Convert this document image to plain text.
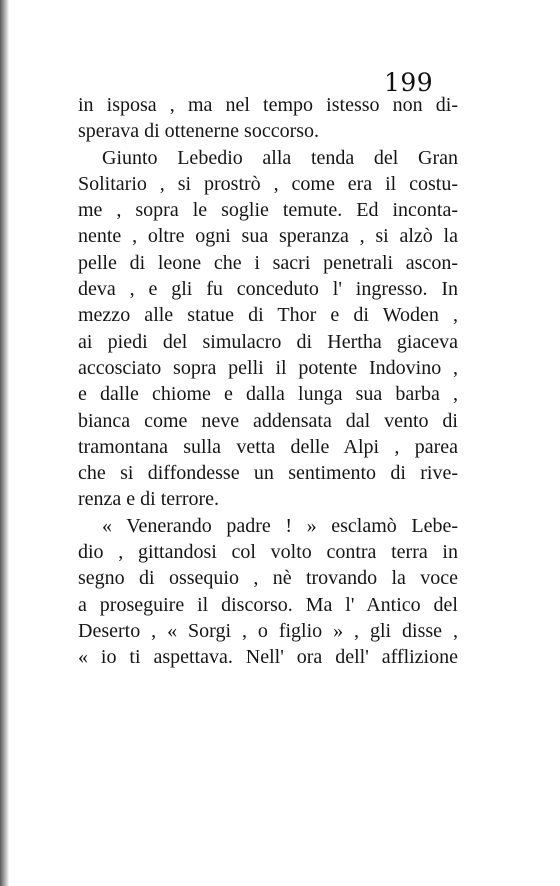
199
in isposa , ma nel tempo istesso non di-
sperava di ottenerne soccorso.
Giunto Lebedio alla tenda del Gran
Solitario , si prostrò , come era il costu-
me , sopra le soglie temute. Ed inconta-
nente , oltre ogni sua speranza , si alzò la
pelle di leone che i sacri penetrali ascon-
deva , e gli fu conceduto l' ingresso. In
mezzo alle statue di Thor e di Woden ,
ai piedi del simulacro di Hertha giaceva
accosciato sopra pelli il potente Indovino ,
e dalle chiome e dalla lunga sua barba ,
bianca come neve addensata dal vento di
tramontana sulla vetta delle Alpi , parea
che si diffondesse un sentimento di rive-
renza e di terrore.
« Venerando padre ! » esclamò Lebe-
dio , gittandosi col volto contra terra in
segno di ossequio , nè trovando la voce
a proseguire il discorso. Ma l' Antico del
Deserto , « Sorgi , o figlio » , gli disse ,
« io ti aspettava. Nell' ora dell' afflizione
